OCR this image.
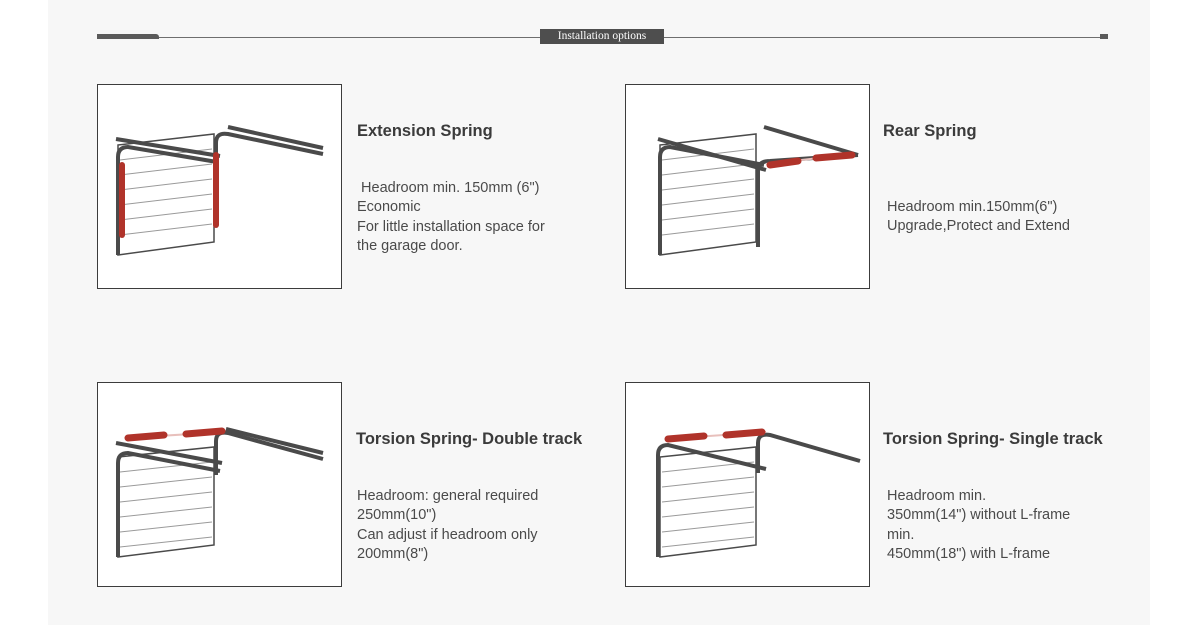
Installation options
Extension Spring
Headroom min. 150mm (6")
Economic
For little installation space for
the garage door.
Rear Spring
Headroom min.150mm(6")
Upgrade,Protect and Extend
Torsion Spring- Double track
Headroom: general required
250mm(10")
Can adjust if headroom only
200mm(8")
Torsion Spring- Single track
Headroom min.
350mm(14") without L-frame
min.
450mm(18") with L-frame
